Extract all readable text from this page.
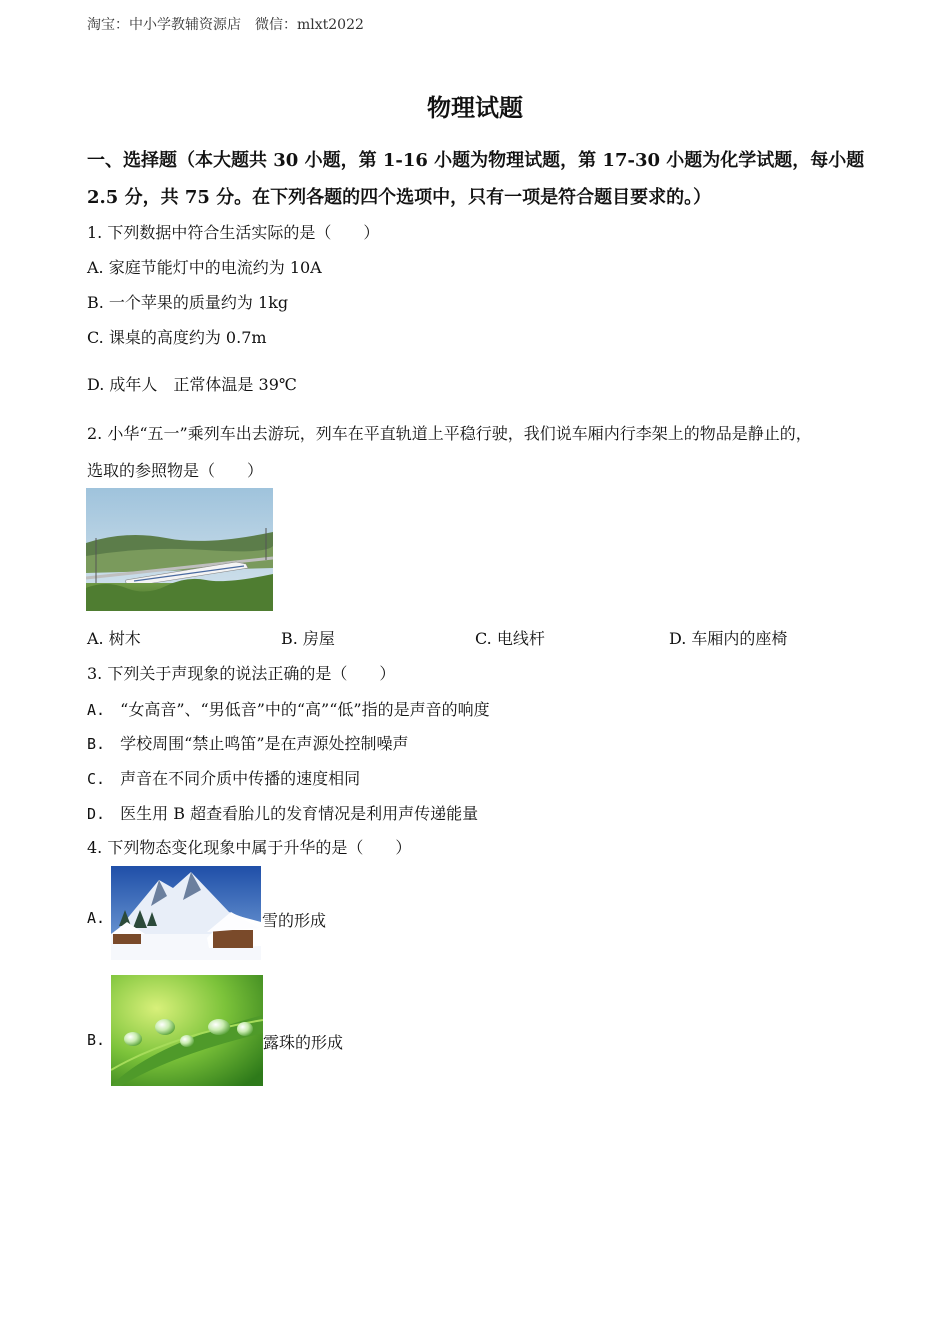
淘宝：中小学教辅资源店　微信：mlxt2022
物理试题
一、选择题（本大题共 30 小题，第 1-16 小题为物理试题，第 17-30 小题为化学试题，每小题
2.5 分，共 75 分。在下列各题的四个选项中，只有一项是符合题目要求的。）
1. 下列数据中符合生活实际的是（　　）
A. 家庭节能灯中的电流约为 10A
B. 一个苹果的质量约为 1kg
C. 课桌的高度约为 0.7m
D. 成年人　正常体温是 39℃
2. 小华“五一”乘列车出去游玩，列车在平直轨道上平稳行驶，我们说车厢内行李架上的物品是静止的，
选取的参照物是（　　）
A. 树木	B. 房屋	C. 电线杆	D. 车厢内的座椅
3. 下列关于声现象的说法正确的是（　　）
A. “女高音”、“男低音”中的“高”“低”指的是声音的响度
B. 学校周围“禁止鸣笛”是在声源处控制噪声
C. 声音在不同介质中传播的速度相同
D. 医生用 B 超查看胎儿的发育情况是利用声传递能量
4. 下列物态变化现象中属于升华的是（　　）
A.	雪的形成
B.	露珠的形成
